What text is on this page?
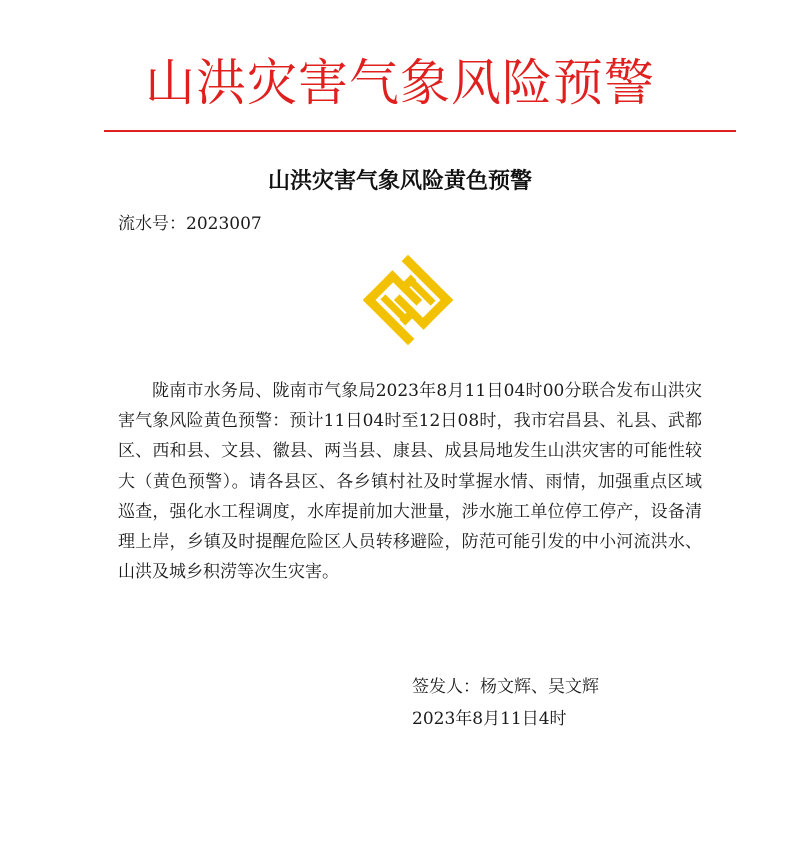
山洪灾害气象风险预警
山洪灾害气象风险黄色预警
流水号：2023007

陇南市水务局、陇南市气象局2023年8月11日04时00分联合发布山洪灾害气象风险黄色预警：预计11日04时至12日08时，我市宕昌县、礼县、武都区、西和县、文县、徽县、两当县、康县、成县局地发生山洪灾害的可能性较大（黄色预警）。请各县区、各乡镇村社及时掌握水情、雨情，加强重点区域巡查，强化水工程调度，水库提前加大泄量，涉水施工单位停工停产，设备清理上岸，乡镇及时提醒危险区人员转移避险，防范可能引发的中小河流洪水、山洪及城乡积涝等次生灾害。

签发人：杨文辉、吴文辉
2023年8月11日4时
